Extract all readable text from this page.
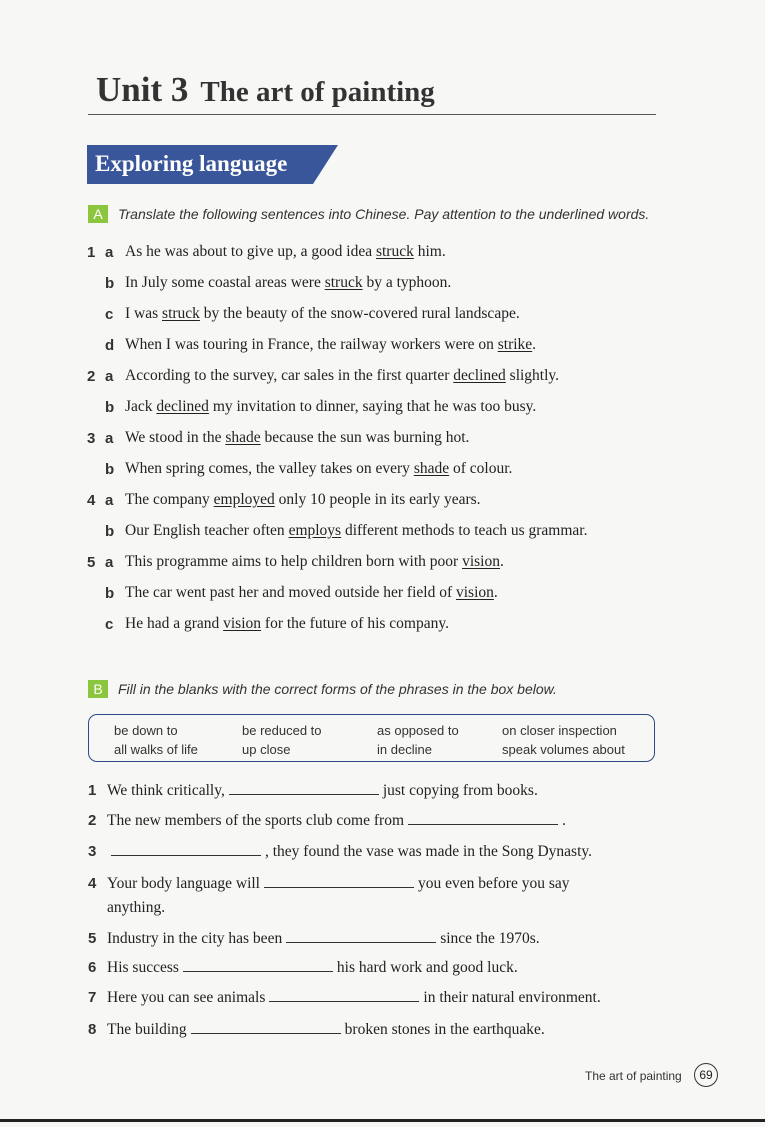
Unit 3 The art of painting
Exploring language
A	Translate the following sentences into Chinese. Pay attention to the underlined words.
1 a As he was about to give up, a good idea struck him.
b In July some coastal areas were struck by a typhoon.
c I was struck by the beauty of the snow-covered rural landscape.
d When I was touring in France, the railway workers were on strike.
2 a According to the survey, car sales in the first quarter declined slightly.
b Jack declined my invitation to dinner, saying that he was too busy.
3 a We stood in the shade because the sun was burning hot.
b When spring comes, the valley takes on every shade of colour.
4 a The company employed only 10 people in its early years.
b Our English teacher often employs different methods to teach us grammar.
5 a This programme aims to help children born with poor vision.
b The car went past her and moved outside her field of vision.
c He had a grand vision for the future of his company.
B	Fill in the blanks with the correct forms of the phrases in the box below.
be down to	be reduced to	as opposed to	on closer inspection
all walks of life	up close	in decline	speak volumes about
1 We think critically,	just copying from books.
2 The new members of the sports club come from	.
3	, they found the vase was made in the Song Dynasty.
4 Your body language will	you even before you say
anything.
5 Industry in the city has been	since the 1970s.
6 His success	his hard work and good luck.
7 Here you can see animals	in their natural environment.
8 The building	broken stones in the earthquake.
The art of painting	69
